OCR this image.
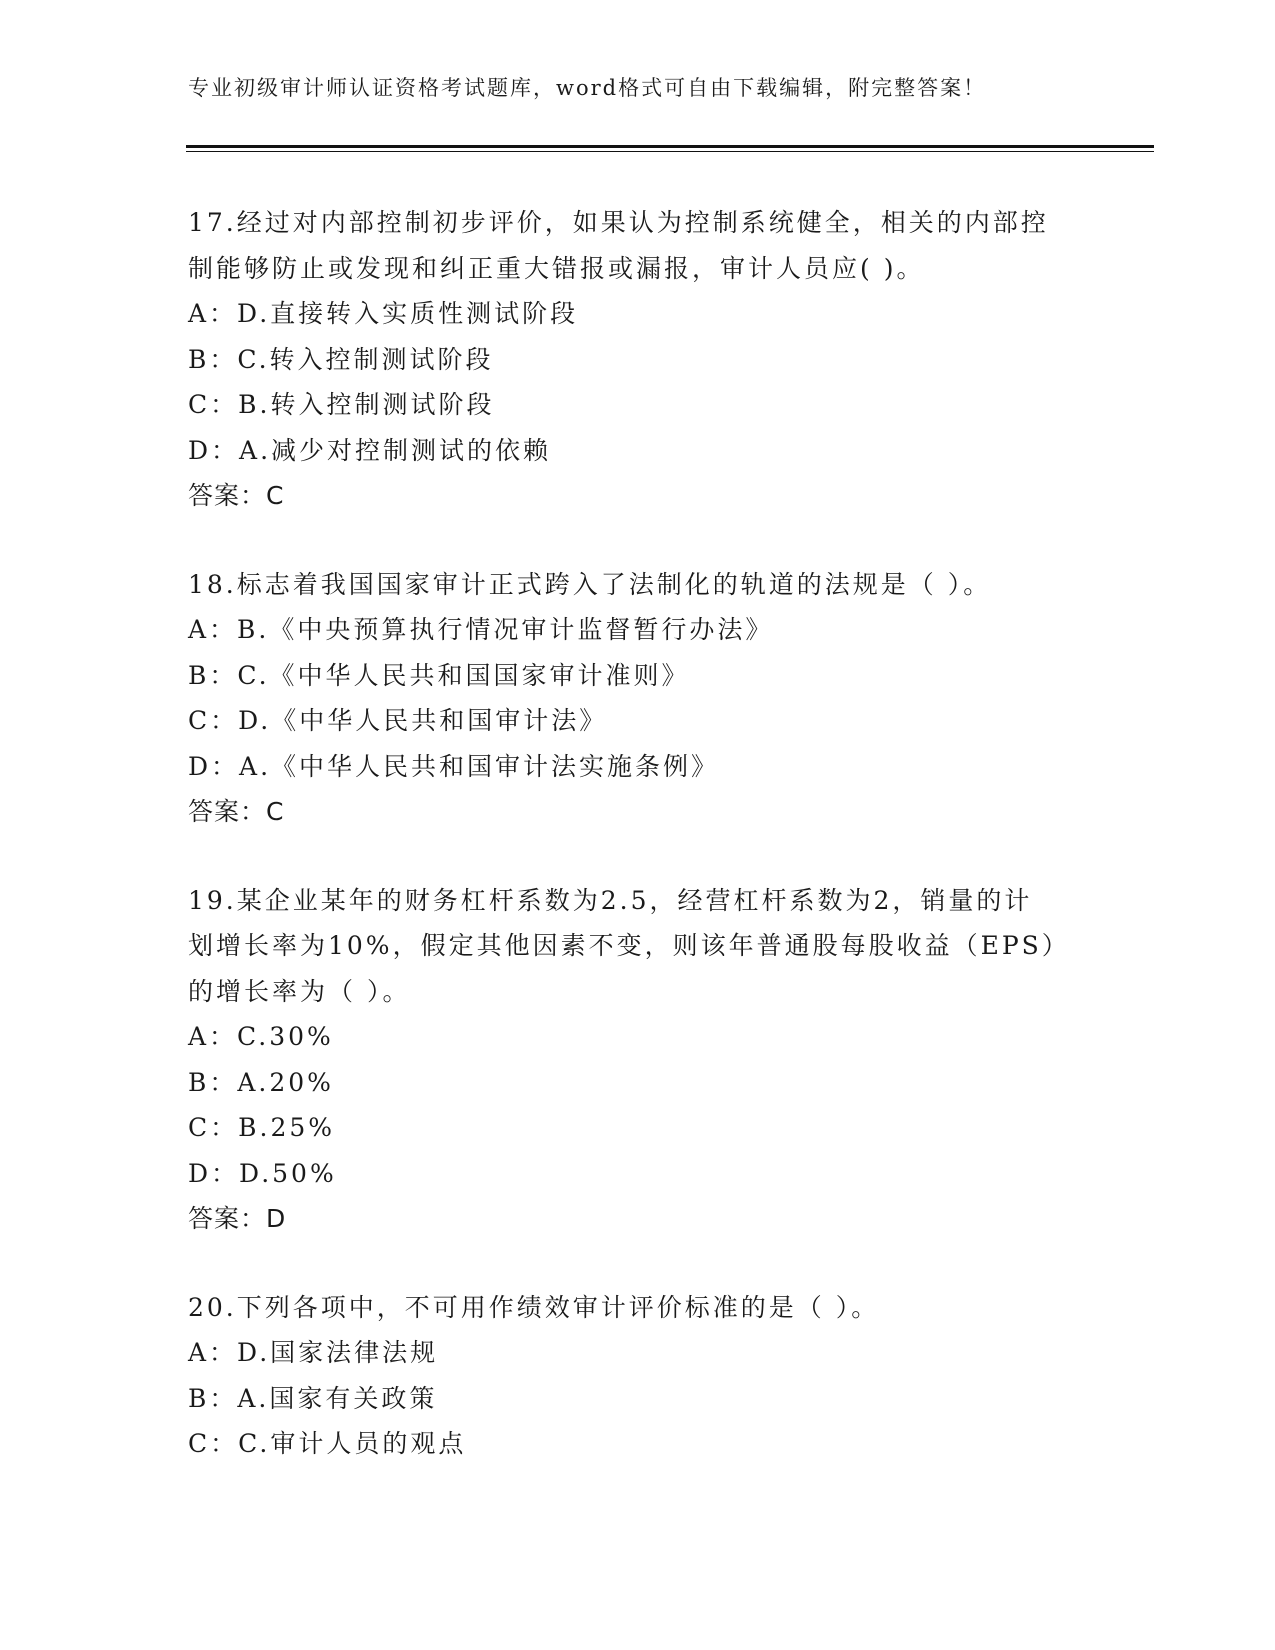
专业初级审计师认证资格考试题库，word格式可自由下载编辑，附完整答案！
17.经过对内部控制初步评价，如果认为控制系统健全，相关的内部控
制能够防止或发现和纠正重大错报或漏报，审计人员应( )。
A：D.直接转入实质性测试阶段
B：C.转入控制测试阶段
C：B.转入控制测试阶段
D：A.减少对控制测试的依赖
答案：C
18.标志着我国国家审计正式跨入了法制化的轨道的法规是（ ）。
A：B.《中央预算执行情况审计监督暂行办法》
B：C.《中华人民共和国国家审计准则》
C：D.《中华人民共和国审计法》
D：A.《中华人民共和国审计法实施条例》
答案：C
19.某企业某年的财务杠杆系数为2.5，经营杠杆系数为2，销量的计
划增长率为10%，假定其他因素不变，则该年普通股每股收益（EPS）
的增长率为（ ）。
A：C.30%
B：A.20%
C：B.25%
D：D.50%
答案：D
20.下列各项中，不可用作绩效审计评价标准的是（ ）。
A：D.国家法律法规
B：A.国家有关政策
C：C.审计人员的观点
